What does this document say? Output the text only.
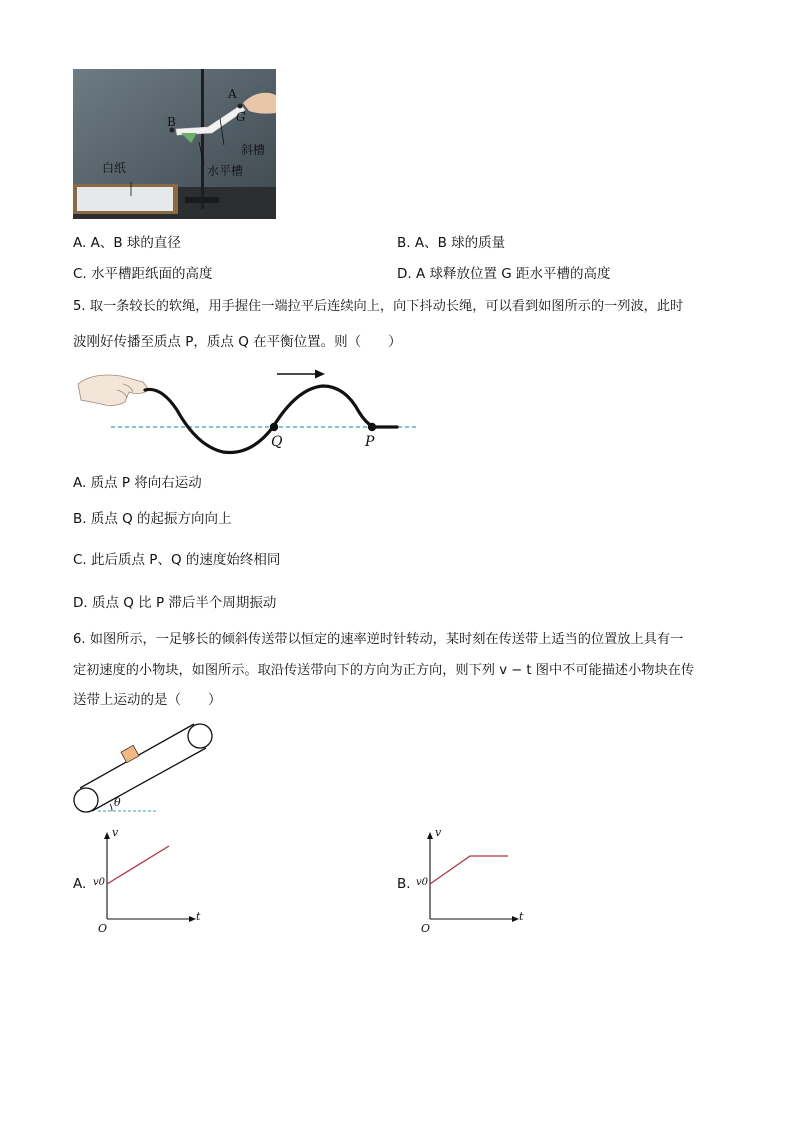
A
G
B
斜槽
水平槽
白纸
A. A、B 球的直径	B. A、B 球的质量
C. 水平槽距纸面的高度	D. A 球释放位置 G 距水平槽的高度
5. 取一条较长的软绳，用手握住一端拉平后连续向上，向下抖动长绳，可以看到如图所示的一列波，此时
波刚好传播至质点 P，质点 Q 在平衡位置。则（　　）
Q	P
A. 质点 P 将向右运动
B. 质点 Q 的起振方向向上
C. 此后质点 P、Q 的速度始终相同
D. 质点 Q 比 P 滞后半个周期振动
6. 如图所示，一足够长的倾斜传送带以恒定的速率逆时针转动，某时刻在传送带上适当的位置放上具有一
定初速度的小物块，如图所示。取沿传送带向下的方向为正方向，则下列 v − t 图中不可能描述小物块在传
送带上运动的是（　　）
θ
A.
v
t
O
v0	B.
v
t
O
v0
